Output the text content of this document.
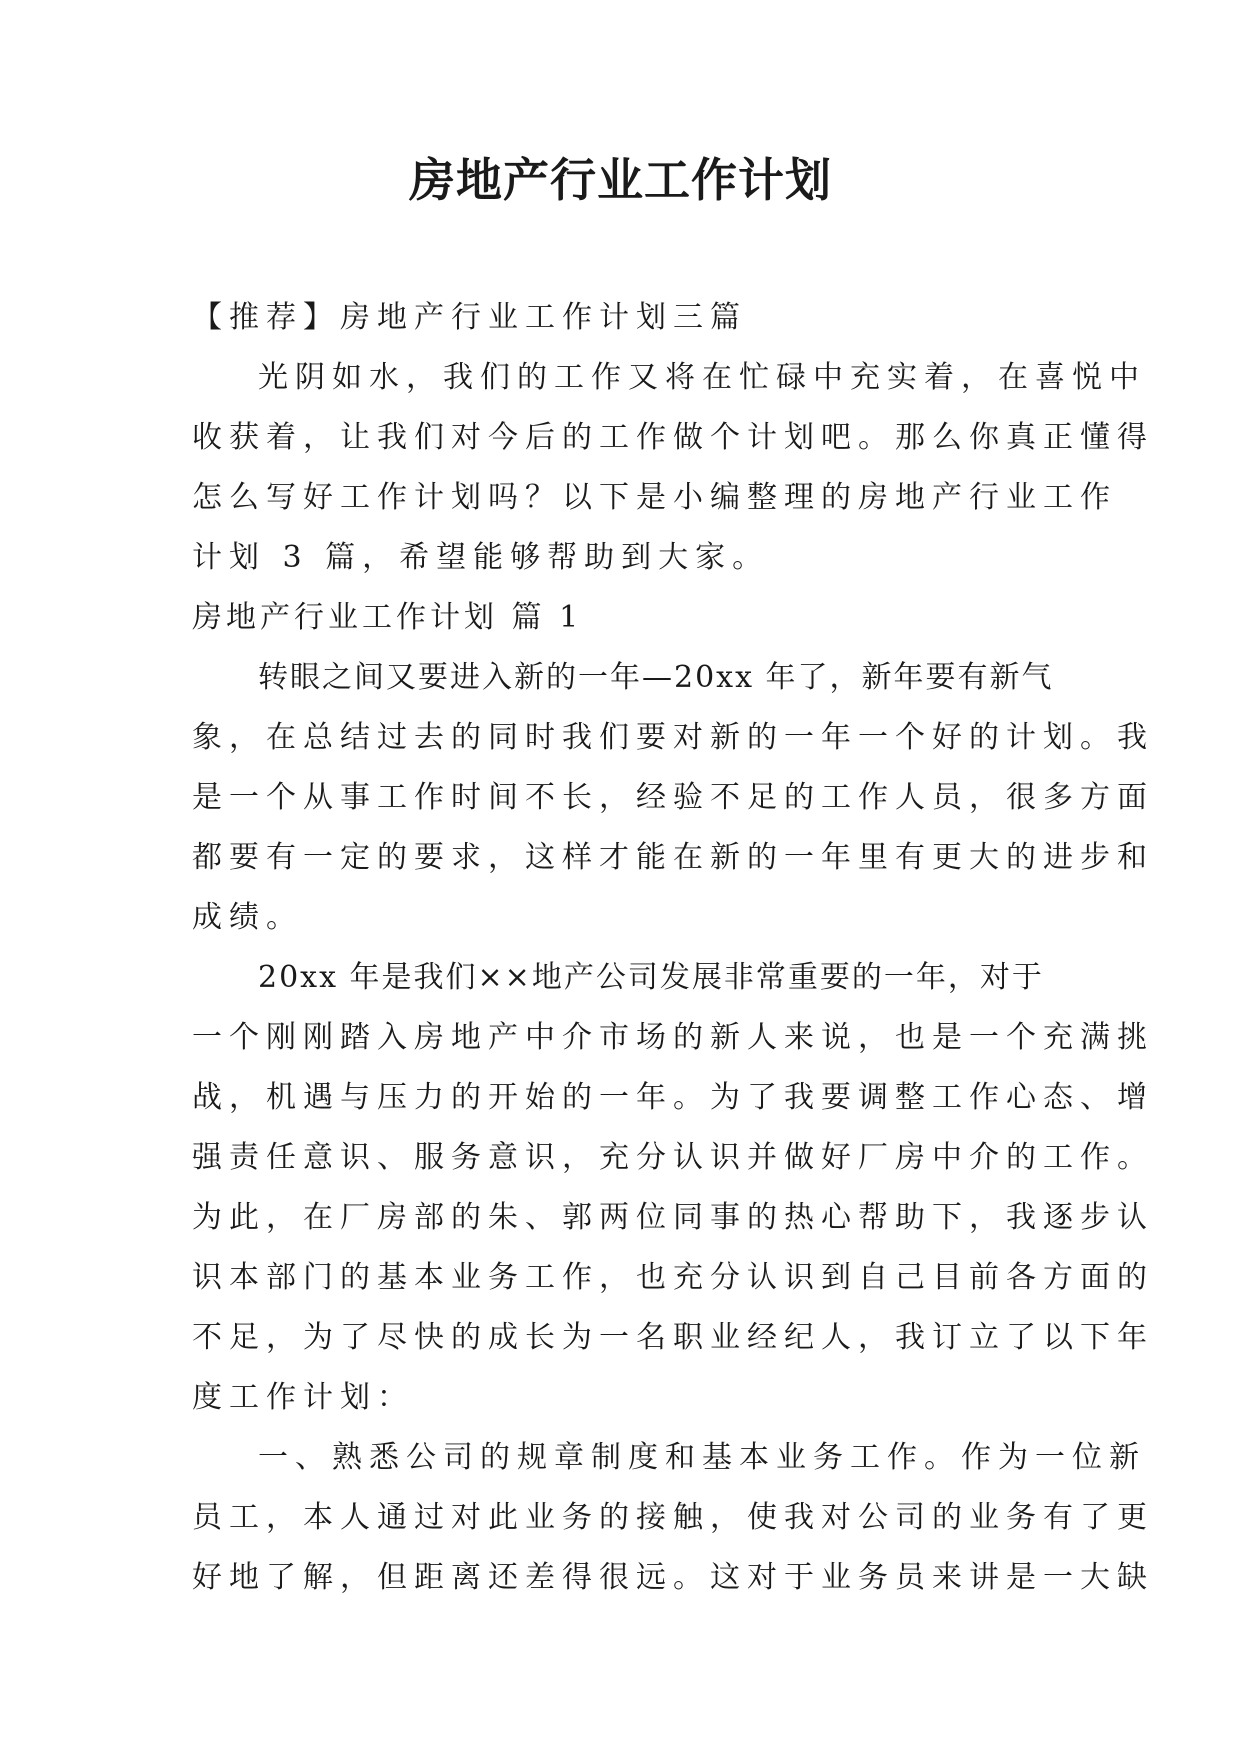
房地产行业工作计划

【推荐】房地产行业工作计划三篇

光阴如水，我们的工作又将在忙碌中充实着，在喜悦中

收获着，让我们对今后的工作做个计划吧。那么你真正懂得

怎么写好工作计划吗？以下是小编整理的房地产行业工作

计划 3 篇，希望能够帮助到大家。

房地产行业工作计划 篇 1

转眼之间又要进入新的一年—20xx 年了，新年要有新气

象，在总结过去的同时我们要对新的一年一个好的计划。我

是一个从事工作时间不长，经验不足的工作人员，很多方面

都要有一定的要求，这样才能在新的一年里有更大的进步和

成绩。

20xx 年是我们××地产公司发展非常重要的一年，对于

一个刚刚踏入房地产中介市场的新人来说，也是一个充满挑

战，机遇与压力的开始的一年。为了我要调整工作心态、增

强责任意识、服务意识，充分认识并做好厂房中介的工作。

为此，在厂房部的朱、郭两位同事的热心帮助下，我逐步认

识本部门的基本业务工作，也充分认识到自己目前各方面的

不足，为了尽快的成长为一名职业经纪人，我订立了以下年

度工作计划：

一、熟悉公司的规章制度和基本业务工作。作为一位新

员工，本人通过对此业务的接触，使我对公司的业务有了更

好地了解，但距离还差得很远。这对于业务员来讲是一大缺
